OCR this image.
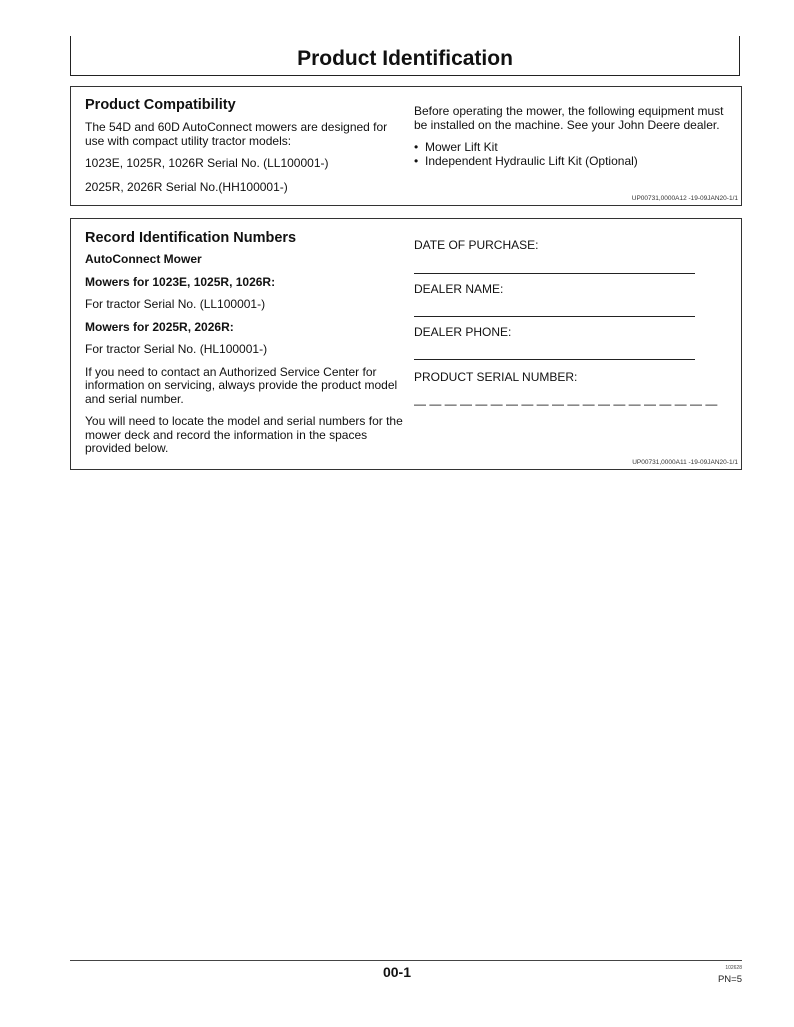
Product Identification
Product Compatibility

The 54D and 60D AutoConnect mowers are designed for use with compact utility tractor models:

1023E, 1025R, 1026R Serial No. (LL100001-)

2025R, 2026R Serial No.(HH100001-)

Before operating the mower, the following equipment must be installed on the machine. See your John Deere dealer.

• Mower Lift Kit
• Independent Hydraulic Lift Kit (Optional)
UP00731,0000A12 -19-09JAN20-1/1
Record Identification Numbers

AutoConnect Mower

Mowers for 1023E, 1025R, 1026R:

For tractor Serial No. (LL100001-)

Mowers for 2025R, 2026R:

For tractor Serial No. (HL100001-)

If you need to contact an Authorized Service Center for information on servicing, always provide the product model and serial number.

You will need to locate the model and serial numbers for the mower deck and record the information in the spaces provided below.

DATE OF PURCHASE:
DEALER NAME:
DEALER PHONE:
PRODUCT SERIAL NUMBER:
— — — — — — — — — — — — — — — — — — — —
UP00731,0000A11 -19-09JAN20-1/1
00-1	102628
PN=5
